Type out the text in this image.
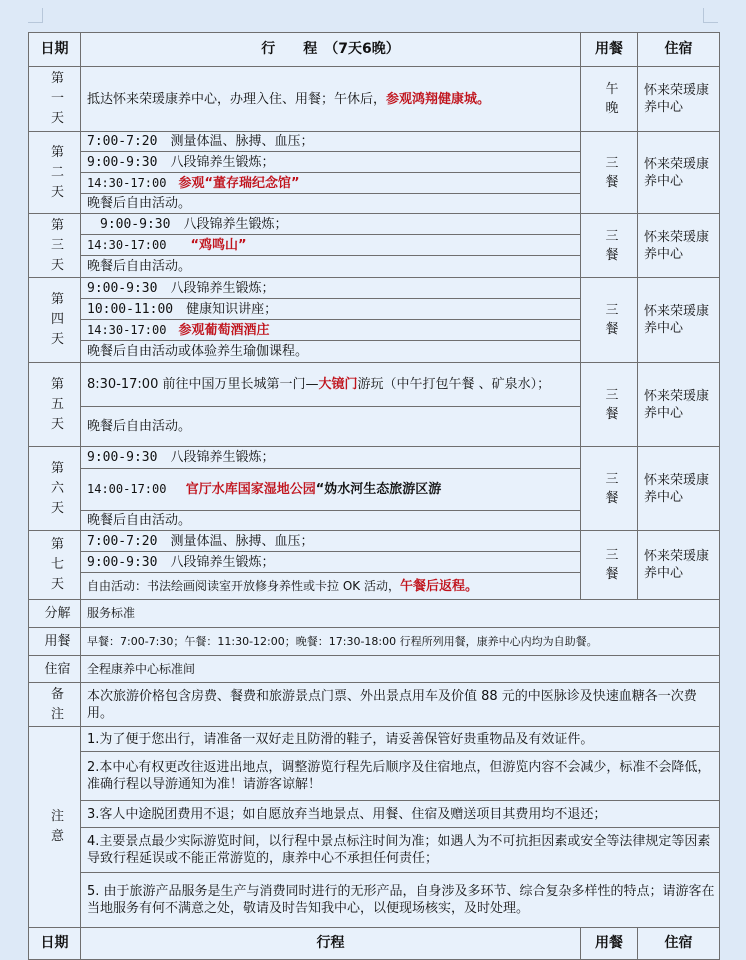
日期	行　　程　（7天6晚）	用餐	住宿
第一天	抵达怀来荣瑗康养中心，办理入住、用餐；午休后，参观鸿翔健康城。	午晚	怀来荣瑗康养中心
第二天	7:00-7:20　测量体温、脉搏、血压；	三餐	怀来荣瑗康养中心
	9:00-9:30　八段锦养生锻炼；		
	14:30-17:00　参观“董存瑞纪念馆”		
	晚餐后自由活动。		
第三天	　9:00-9:30　八段锦养生锻炼；	三餐	怀来荣瑗康养中心
	14:30-17:00　　“鸡鸣山”		
	晚餐后自由活动。		
第四天	9:00-9:30　八段锦养生锻炼；	三餐	怀来荣瑗康养中心
	10:00-11:00　健康知识讲座；		
	14:30-17:00　参观葡萄酒酒庄		
	晚餐后自由活动或体验养生瑜伽课程。		
第五天	8:30-17:00 前往中国万里长城第一门—大镜门游玩（中午打包午餐 、矿泉水）；	三餐	怀来荣瑗康养中心
	晚餐后自由活动。		
第六天	9:00-9:30　八段锦养生锻炼；	三餐	怀来荣瑗康养中心
	14:00-17:00　 官厅水库国家湿地公园“妫水河生态旅游区游		
	晚餐后自由活动。		
第七天	7:00-7:20　测量体温、脉搏、血压；	三餐	怀来荣瑗康养中心
	9:00-9:30　八段锦养生锻炼；		
	自由活动：书法绘画阅读室开放修身养性或卡拉 OK 活动，午餐后返程。		
分解	服务标准		
用餐	早餐：7:00-7:30；午餐：11:30-12:00；晚餐：17:30-18:00 行程所列用餐，康养中心内均为自助餐。		
住宿	全程康养中心标准间		
备注	本次旅游价格包含房费、餐费和旅游景点门票、外出景点用车及价值 88 元的中医脉诊及快速血糖各一次费用。		
注意	1.为了便于您出行，请准备一双好走且防滑的鞋子，请妥善保管好贵重物品及有效证件。		
	2.本中心有权更改往返进出地点，调整游览行程先后顺序及住宿地点，但游览内容不会减少，标准不会降低，准确行程以导游通知为准！请游客谅解！		
	3.客人中途脱团费用不退；如自愿放弃当地景点、用餐、住宿及赠送项目其费用均不退还；		
	4.主要景点最少实际游览时间，以行程中景点标注时间为准；如遇人为不可抗拒因素或安全等法律规定等因素导致行程延误或不能正常游览的，康养中心不承担任何责任；		
	5. 由于旅游产品服务是生产与消费同时进行的无形产品，自身涉及多环节、综合复杂多样性的特点；请游客在当地服务有何不满意之处，敬请及时告知我中心，以便现场核实，及时处理。		
日期	行程	用餐	住宿
